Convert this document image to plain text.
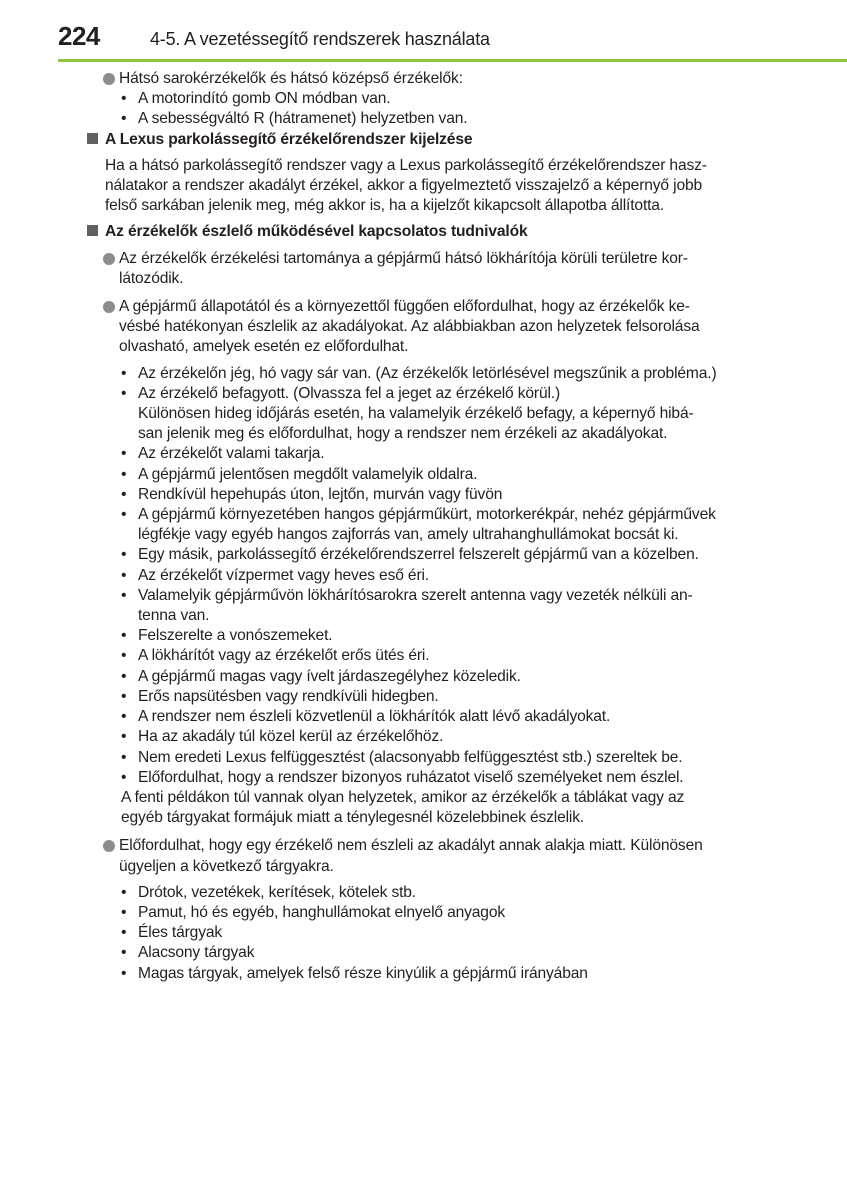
224	4-5. A vezetéssegítő rendszerek használata

Hátsó sarokérzékelők és hátsó középső érzékelők:

• A motorindító gomb ON módban van.
• A sebességváltó R (hátramenet) helyzetben van.

A Lexus parkolássegítő érzékelőrendszer kijelzése

Ha a hátsó parkolássegítő rendszer vagy a Lexus parkolássegítő érzékelőrendszer hasz-
nálatakor a rendszer akadályt érzékel, akkor a figyelmeztető visszajelző a képernyő jobb
felső sarkában jelenik meg, még akkor is, ha a kijelzőt kikapcsolt állapotba állította.

Az érzékelők észlelő működésével kapcsolatos tudnivalók

Az érzékelők érzékelési tartománya a gépjármű hátsó lökhárítója körüli területre kor-
látozódik.

A gépjármű állapotától és a környezettől függően előfordulhat, hogy az érzékelők ke-
vésbé hatékonyan észlelik az akadályokat. Az alábbiakban azon helyzetek felsorolása
olvasható, amelyek esetén ez előfordulhat.

• Az érzékelőn jég, hó vagy sár van. (Az érzékelők letörlésével megszűnik a probléma.)
• Az érzékelő befagyott. (Olvassza fel a jeget az érzékelő körül.)
Különösen hideg időjárás esetén, ha valamelyik érzékelő befagy, a képernyő hibá-
san jelenik meg és előfordulhat, hogy a rendszer nem érzékeli az akadályokat.
• Az érzékelőt valami takarja.
• A gépjármű jelentősen megdőlt valamelyik oldalra.
• Rendkívül hepehupás úton, lejtőn, murván vagy füvön
• A gépjármű környezetében hangos gépjárműkürt, motorkerékpár, nehéz gépjárművek
légfékje vagy egyéb hangos zajforrás van, amely ultrahanghullámokat bocsát ki.
• Egy másik, parkolássegítő érzékelőrendszerrel felszerelt gépjármű van a közelben.
• Az érzékelőt vízpermet vagy heves eső éri.
• Valamelyik gépjárművön lökhárítósarokra szerelt antenna vagy vezeték nélküli an-
tenna van.
• Felszerelte a vonószemeket.
• A lökhárítót vagy az érzékelőt erős ütés éri.
• A gépjármű magas vagy ívelt járdaszegélyhez közeledik.
• Erős napsütésben vagy rendkívüli hidegben.
• A rendszer nem észleli közvetlenül a lökhárítók alatt lévő akadályokat.
• Ha az akadály túl közel kerül az érzékelőhöz.
• Nem eredeti Lexus felfüggesztést (alacsonyabb felfüggesztést stb.) szereltek be.
• Előfordulhat, hogy a rendszer bizonyos ruházatot viselő személyeket nem észlel.
A fenti példákon túl vannak olyan helyzetek, amikor az érzékelők a táblákat vagy az
egyéb tárgyakat formájuk miatt a ténylegesnél közelebbinek észlelik.

Előfordulhat, hogy egy érzékelő nem észleli az akadályt annak alakja miatt. Különösen
ügyeljen a következő tárgyakra.

• Drótok, vezetékek, kerítések, kötelek stb.
• Pamut, hó és egyéb, hanghullámokat elnyelő anyagok
• Éles tárgyak
• Alacsony tárgyak
• Magas tárgyak, amelyek felső része kinyúlik a gépjármű irányában
